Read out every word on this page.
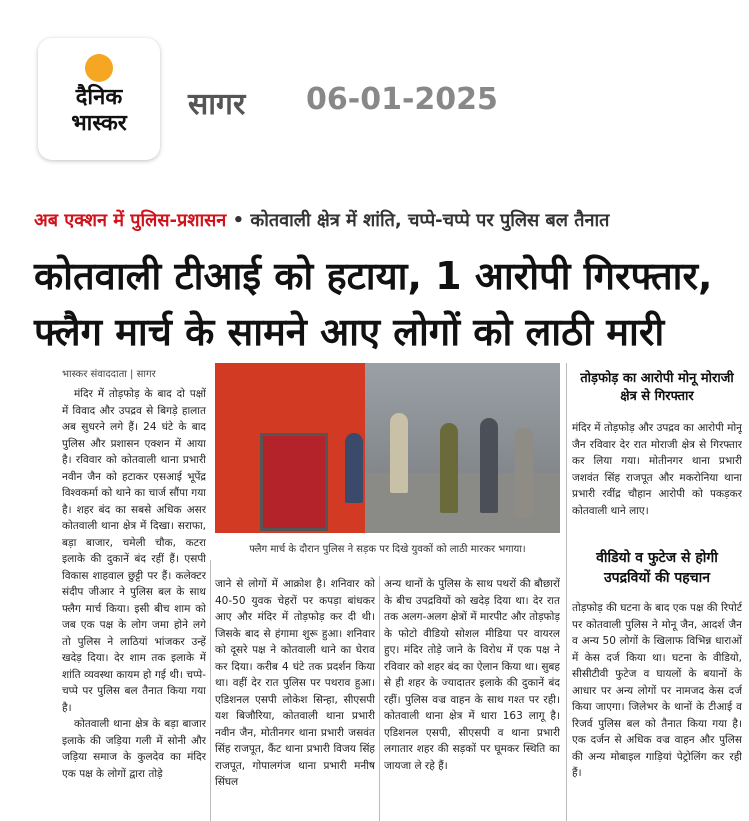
दैनिक
भास्कर
सागर 06-01-2025
अब एक्शन में पुलिस-प्रशासन • कोतवाली क्षेत्र में शांति, चप्पे-चप्पे पर पुलिस बल तैनात
कोतवाली टीआई को हटाया, 1 आरोपी गिरफ्तार,
फ्लैग मार्च के सामने आए लोगों को लाठी मारी
भास्कर संवाददाता | सागर
फ्लैग मार्च के दौरान पुलिस ने सड़क पर दिखे युवकों को लाठी मारकर भगाया।

मंदिर में तोड़फोड़ के बाद दो पक्षों में विवाद और उपद्रव से बिगड़े हालात अब सुधरने लगे हैं। 24 घंटे के बाद पुलिस और प्रशासन एक्शन में आया है। रविवार को कोतवाली थाना प्रभारी नवीन जैन को हटाकर एसआई भूपेंद्र विश्वकर्मा को थाने का चार्ज सौंपा गया है। शहर बंद का सबसे अधिक असर कोतवाली थाना क्षेत्र में दिखा। सराफा, बड़ा बाजार, चमेली चौक, कटरा इलाके की दुकानें बंद रहीं हैं। एसपी विकास शाहवाल छुट्टी पर हैं। कलेक्टर संदीप जीआर ने पुलिस बल के साथ फ्लैग मार्च किया। इसी बीच शाम को जब एक पक्ष के लोग जमा होने लगे तो पुलिस ने लाठियां भांजकर उन्हें खदेड़ दिया। देर शाम तक इलाके में शांति व्यवस्था कायम हो गई थी। चप्पे-चप्पे पर पुलिस बल तैनात किया गया है।

कोतवाली थाना क्षेत्र के बड़ा बाजार इलाके की जड़िया गली में सोनी और जड़िया समाज के कुलदेव का मंदिर एक पक्ष के लोगों द्वारा तोड़े

जाने से लोगों में आक्रोश है। शनिवार को 40-50 युवक चेहरों पर कपड़ा बांधकर आए और मंदिर में तोड़फोड़ कर दी थी। जिसके बाद से हंगामा शुरू हुआ। शनिवार को दूसरे पक्ष ने कोतवाली थाने का घेराव कर दिया। करीब 4 घंटे तक प्रदर्शन किया था। वहीं देर रात पुलिस पर पथराव हुआ। एडिशनल एसपी लोकेश सिन्हा, सीएसपी यश बिजौरिया, कोतवाली थाना प्रभारी नवीन जैन, मोतीनगर थाना प्रभारी जसवंत सिंह राजपूत, कैंट थाना प्रभारी विजय सिंह राजपूत, गोपालगंज थाना प्रभारी मनीष सिंघल

अन्य थानों के पुलिस के साथ पथरों की बौछारों के बीच उपद्रवियों को खदेड़ दिया था। देर रात तक अलग-अलग क्षेत्रों में मारपीट और तोड़फोड़ के फोटो वीडियो सोशल मीडिया पर वायरल हुए। मंदिर तोड़े जाने के विरोध में एक पक्ष ने रविवार को शहर बंद का ऐलान किया था। सुबह से ही शहर के ज्यादातर इलाके की दुकानें बंद रहीं। पुलिस वज्र वाहन के साथ गश्त पर रही। कोतवाली थाना क्षेत्र में धारा 163 लागू है। एडिशनल एसपी, सीएसपी व थाना प्रभारी लगातार शहर की सड़कों पर घूमकर स्थिति का जायजा ले रहे हैं।

तोड़फोड़ का आरोपी मोनू मोराजी क्षेत्र से गिरफ्तार

मंदिर में तोड़फोड़ और उपद्रव का आरोपी मोनू जैन रविवार देर रात मोराजी क्षेत्र से गिरफ्तार कर लिया गया। मोतीनगर थाना प्रभारी जशवंत सिंह राजपूत और मकरोनिया थाना प्रभारी रवींद्र चौहान आरोपी को पकड़कर कोतवाली थाने लाए।

वीडियो व फुटेज से होगी उपद्रवियों की पहचान

तोड़फोड़ की घटना के बाद एक पक्ष की रिपोर्ट पर कोतवाली पुलिस ने मोनू जैन, आदर्श जैन व अन्य 50 लोगों के खिलाफ विभिन्न धाराओं में केस दर्ज किया था। घटना के वीडियो, सीसीटीवी फुटेज व घायलों के बयानों के आधार पर अन्य लोगों पर नामजद केस दर्ज किया जाएगा। जिलेभर के थानों के टीआई व रिजर्व पुलिस बल को तैनात किया गया है। एक दर्जन से अधिक वज्र वाहन और पुलिस की अन्य मोबाइल गाड़ियां पेट्रोलिंग कर रही हैं।
